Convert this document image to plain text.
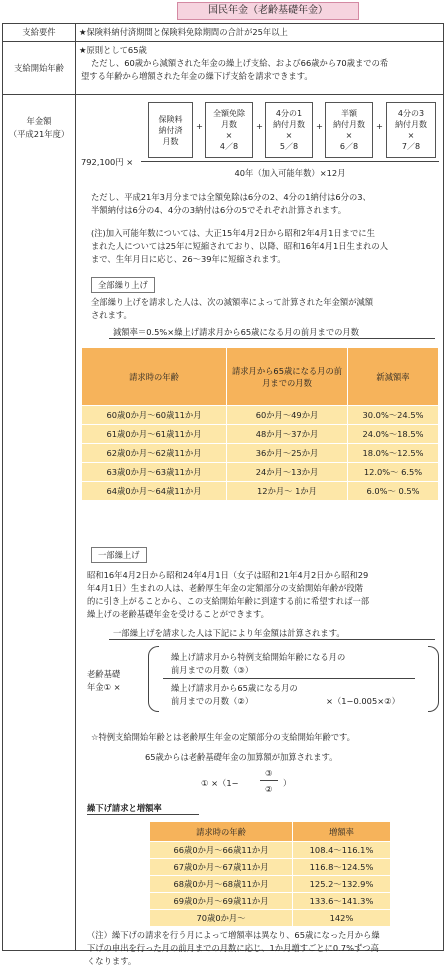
国民年金（老齢基礎年金）
支給要件	★保険料納付済期間と保険料免除期間の合計が25年以上
支給開始年齢
★原則として65歳
ただし、60歳から減額された年金の繰上げ支給、および66歳から70歳までの希
望する年齢から増額された年金の繰下げ支給を請求できます。
年金額
（平成21年度）
保険料
納付済
月数
+
全額免除
月数
×
4／8
+
4分の1
納付月数
×
5／8
+
半額
納付月数
×
6／8
+
4分の3
納付月数
×
7／8
792,100円 ×
40年（加入可能年数）×12月
ただし、平成21年3月分までは全額免除は6分の2、4分の1納付は6分の3、
半額納付は6分の4、4分の3納付は6分の5でそれぞれ計算されます。
(注)加入可能年数については、大正15年4月2日から昭和2年4月1日までに生
まれた人については25年に短縮されており、以降、昭和16年4月1日生まれの人
まで、生年月日に応じ、26～39年に短縮されます。
全部繰り上げ
全部繰り上げを請求した人は、次の減額率によって計算された年金額が減額
されます。
減額率＝0.5%×繰上げ請求月から65歳になる月の前月までの月数
請求時の年齢	請求月から65歳になる月の前月までの月数	新減額率
60歳0か月～60歳11か月	60か月～49か月	30.0%～24.5%
61歳0か月～61歳11か月	48か月～37か月	24.0%～18.5%
62歳0か月～62歳11か月	36か月～25か月	18.0%～12.5%
63歳0か月～63歳11か月	24か月～13か月	12.0%～ 6.5%
64歳0か月～64歳11か月	12か月～ 1か月	6.0%～ 0.5%
一部繰上げ
昭和16年4月2日から昭和24年4月1日（女子は昭和21年4月2日から昭和29
年4月1日）生まれの人は、老齢厚生年金の定額部分の支給開始年齢が段階
的に引き上がることから、この支給開始年齢に到達する前に希望すれば一部
繰上げの老齢基礎年金を受けることができます。
一部繰上げを請求した人は下記により年金額は計算されます。
老齢基礎
年金① ×
繰上げ請求月から特例支給開始年齢になる月の
前月までの月数（③）
繰上げ請求月から65歳になる月の
前月までの月数（②）	×（1−0.005×②）
☆特例支給開始年齢とは老齢厚生年金の定額部分の支給開始年齢です。
65歳からは老齢基礎年金の加算額が加算されます。
① ×（1−
③
②
）
繰下げ請求と増額率
請求時の年齢	増額率
66歳0か月～66歳11か月	108.4～116.1%
67歳0か月～67歳11か月	116.8～124.5%
68歳0か月～68歳11か月	125.2～132.9%
69歳0か月～69歳11か月	133.6～141.3%
70歳0か月～	142%
（注）繰下げの請求を行う月によって増額率は異なり、65歳になった月から繰
下げの申出を行った月の前月までの月数に応じ、1か月増すごとに0.7%ずつ高
くなります。
